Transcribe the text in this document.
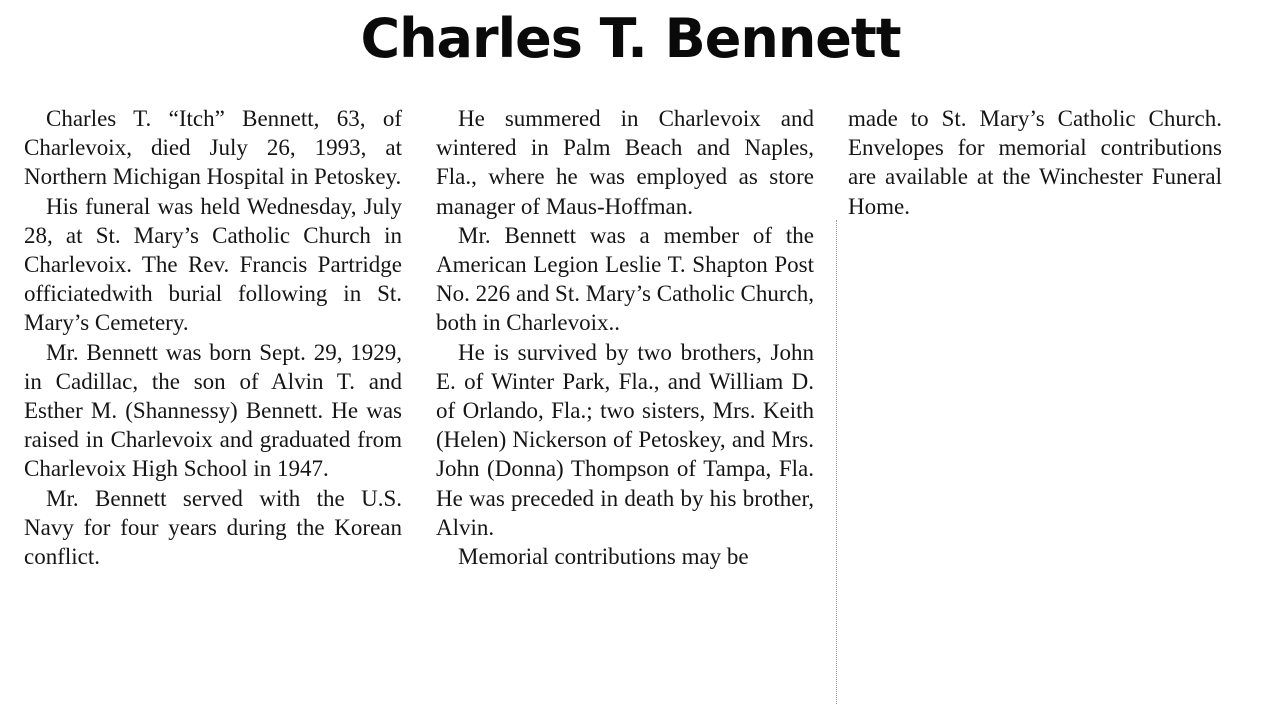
Charles T. Bennett

Charles T. “Itch” Bennett, 63, of Charlevoix, died July 26, 1993, at Northern Michigan Hospital in Petoskey.

His funeral was held Wednesday, July 28, at St. Mary’s Catholic Church in Charlevoix. The Rev. Francis Partridge officiatedwith burial following in St. Mary’s Cemetery.

Mr. Bennett was born Sept. 29, 1929, in Cadillac, the son of Alvin T. and Esther M. (Shannessy) Bennett. He was raised in Charlevoix and graduated from Charlevoix High School in 1947.

Mr. Bennett served with the U.S. Navy for four years during the Korean conflict.

He summered in Charlevoix and wintered in Palm Beach and Naples, Fla., where he was employed as store manager of Maus-Hoffman.

Mr. Bennett was a member of the American Legion Leslie T. Shapton Post No. 226 and St. Mary’s Catholic Church, both in Charlevoix..

He is survived by two brothers, John E. of Winter Park, Fla., and William D. of Orlando, Fla.; two sisters, Mrs. Keith (Helen) Nickerson of Petoskey, and Mrs. John (Donna) Thompson of Tampa, Fla. He was preceded in death by his brother, Alvin.

Memorial contributions may be

made to St. Mary’s Catholic Church. Envelopes for memorial contributions are available at the Winchester Funeral Home.
